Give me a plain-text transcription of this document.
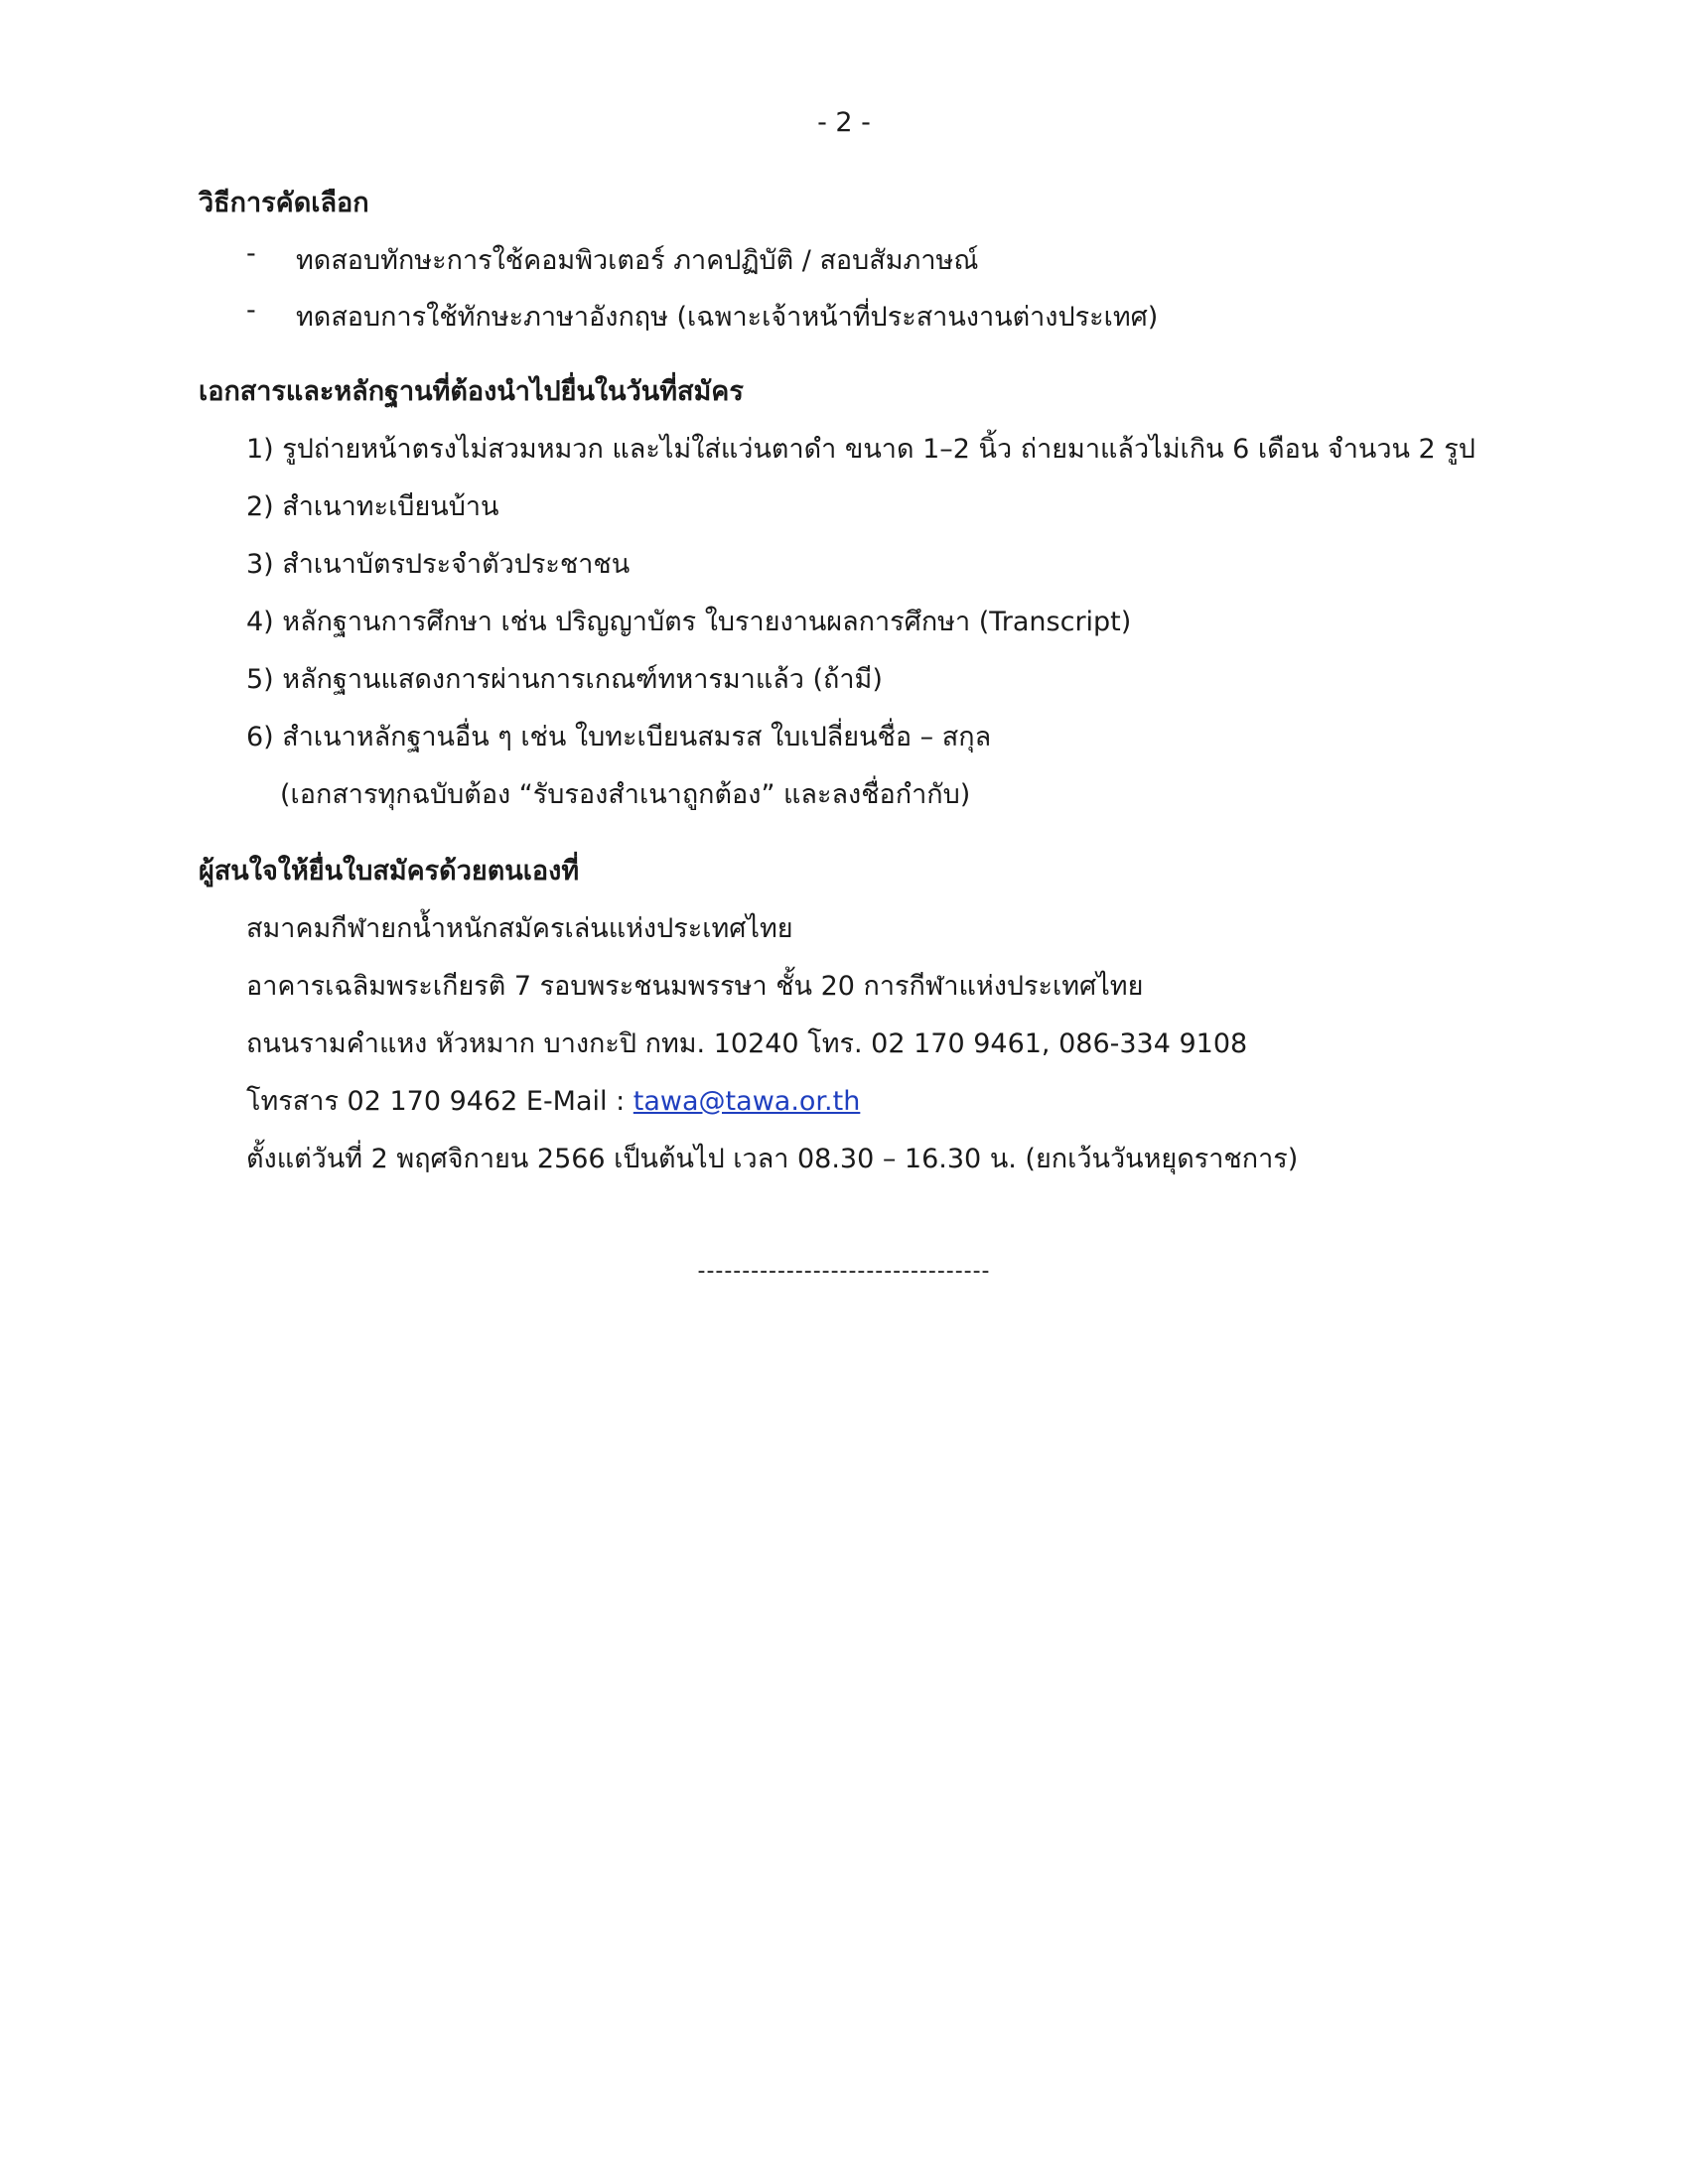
- 2 -
วิธีการคัดเลือก
- ทดสอบทักษะการใช้คอมพิวเตอร์ ภาคปฏิบัติ / สอบสัมภาษณ์
- ทดสอบการใช้ทักษะภาษาอังกฤษ (เฉพาะเจ้าหน้าที่ประสานงานต่างประเทศ)
เอกสารและหลักฐานที่ต้องนำไปยื่นในวันที่สมัคร
1) รูปถ่ายหน้าตรงไม่สวมหมวก และไม่ใส่แว่นตาดำ ขนาด 1–2 นิ้ว ถ่ายมาแล้วไม่เกิน 6 เดือน จำนวน 2 รูป
2) สำเนาทะเบียนบ้าน
3) สำเนาบัตรประจำตัวประชาชน
4) หลักฐานการศึกษา เช่น ปริญญาบัตร ใบรายงานผลการศึกษา (Transcript)
5) หลักฐานแสดงการผ่านการเกณฑ์ทหารมาแล้ว (ถ้ามี)
6) สำเนาหลักฐานอื่น ๆ เช่น ใบทะเบียนสมรส ใบเปลี่ยนชื่อ – สกุล
(เอกสารทุกฉบับต้อง “รับรองสำเนาถูกต้อง” และลงชื่อกำกับ)
ผู้สนใจให้ยื่นใบสมัครด้วยตนเองที่
สมาคมกีฬายกน้ำหนักสมัครเล่นแห่งประเทศไทย
อาคารเฉลิมพระเกียรติ 7 รอบพระชนมพรรษา ชั้น 20 การกีฬาแห่งประเทศไทย
ถนนรามคำแหง หัวหมาก บางกะปิ กทม. 10240 โทร. 02 170 9461, 086-334 9108
โทรสาร 02 170 9462 E-Mail : tawa@tawa.or.th
ตั้งแต่วันที่ 2 พฤศจิกายน 2566 เป็นต้นไป เวลา 08.30 – 16.30 น. (ยกเว้นวันหยุดราชการ)
---------------------------------
